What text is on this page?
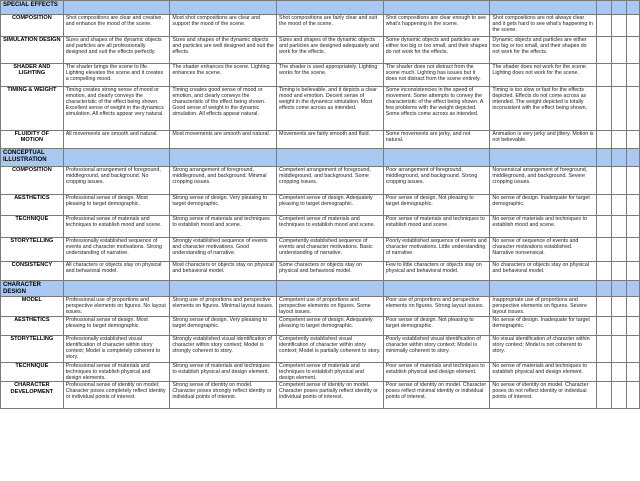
SPECIAL EFFECTS								
COMPOSITION	Shot compositions are clear and creative, and enhance the mood of the scene.	Most shot compositions are clear and support the mood of the scene.	Shot compositions are fairly clear and suit the mood of the scene.	Shot compositions are clear enough to see what's happening in the scene.	Shot compositions are not always clear and it gets hard to see what's happening in the scene.			
SIMULATION DESIGN	Sizes and shapes of the dynamic objects and particles are all professionally designed and suit the effects perfectly.	Sizes and shapes of the dynamic objects and particles are well designed and suit the effects.	Sizes and shapes of the dynamic objects and particles are designed adequately and work for the effects.	Some dynamic objects and particles are either too big or too small, and their shapes do not work for the effects.	Dynamic objects and particles are either too big or too small, and their shapes do not work for the effects.			
SHADER AND LIGHTING	The shader brings the scene to life. Lighting elevates the scene and it creates a compelling mood.	The shader enhances the scene. Lighting enhances the scene.	The shader is used appropriately. Lighting works for the scene.	The shader does not distract from the scene much. Lighting has issues but it does not distract from the scene entirely.	The shader does not work for the scene. Lighting does not work for the scene.			
TIMING & WEIGHT	Timing creates strong sense of mood or emotion, and clearly conveys the characteristic of the effect being shown. Excellent sense of weight in the dynamics simulation. All effects appear very natural.	Timing creates good sense of mood or emotion, and clearly conveys the characteristic of the effect being shown. Good sense of weight in the dynamic simulation. All effects appear natural.	Timing is believable, and it depicts a clear mood and emotion. Decent sense of weight in the dynamics simulation. Most effects come across as intended.	Some inconsistencies in the speed of movement. Some attempts to convey the characteristic of the effect being shown. A few problems with the weight depicted. Some effects come across as intended.	Timing is too slow or fast for the effects depicted. Effects do not come across as intended. The weight depicted is totally inconsistent with the effect being shown.			
FLUIDITY OF MOTION	All movements are smooth and natural.	Most movements are smooth and natural.	Movements are fairly smooth and fluid.	Some movements are jerky, and not natural.	Animation is very jerky and jittery. Motion is not believable.			
CONCEPTUAL ILLUSTRATION								
COMPOSITION	Professional arrangement of foreground, middleground, and background. No cropping issues.	Strong arrangement of foreground, middleground, and background. Minimal cropping issues.	Competent arrangement of foreground, middleground, and background. Some cropping issues.	Poor arrangement of foreground, middleground, and background. Strong cropping issues.	Nonsensical arrangement of foreground, middleground, and background. Severe cropping issues.			
AESTHETICS	Professional sense of design. Most pleasing to target demographic.	Strong sense of design. Very pleasing to target demographic.	Competent sense of design. Adequately pleasing to target demographic.	Poor sense of design. Not pleasing to target demographic.	No sense of design. Inadequate for target demographic.			
TECHNIQUE	Professional sense of materials and techniques to establish mood and scene.	Strong sense of materials and techniques to establish mood and scene.	Competent sense of materials and techniques to establish mood and scene.	Poor sense of materials and techniques to establish mood and scene.	No sense of materials and techniques to establish mood and scene.			
STORYTELLING	Professionally established sequence of events and character motivations. Strong understanding of narrative.	Strongly established sequence of events and character motivations. Good understanding of narrative.	Competently established sequence of events and character motivations. Basic understanding of narrative.	Poorly established sequence of events and character motivations. Little understanding of narrative.	No sense of sequence of events and character motivations established. Narrative nonsensical.			
CONSISTENCY	All characters or objects stay on physical and behavioral model.	Most characters or objects stay on physical and behavioral model.	Some characters or objects stay on physical and behavioral model.	Few to little characters or objects stay on physical and behavioral model.	No characters or objects stay on physical and behavioral model.			
CHARACTER DESIGN								
MODEL	Professional use of proportions and perspective elements on figures. No layout issues.	Strong use of proportions and perspective elements on figures. Minimal layout issues.	Competent use of proportions and perspective elements on figures. Some layout issues.	Poor use of proportions and perspective elements on figures. Strong layout issues.	Inappropriate use of proportions and perspective elements on figures. Severe layout issues.			
AESTHETICS	Professional sense of design. Most pleasing to target demographic.	Strong sense of design. Very pleasing to target demographic.	Competent sense of design. Adequately pleasing to target demographic.	Poor sense of design. Not pleasing to target demographic.	No sense of design. Inadequate for target demographic.			
STORYTELLING	Professionally established visual identification of character within story context; Model is completely coherent to story.	Strongly established visual identification of character within story context; Model is strongly coherent to story.	Competently established visual identification of character within story context; Model is partially coherent to story.	Poorly established visual identification of character within story context; Model is minimally coherent to story.	No visual identification of character within story context; Model is not coherent to story.			
TECHNIQUE	Professional sense of materials and techniques to establish physical and design elements.	Strong sense of materials and techniques to establish physical and design element.	Competent sense of materials and techniques to establish physical and design element.	Poor sense of materials and techniques to establish physical and design element.	No sense of materials and techniques to establish physical and design element.			
CHARACTER DEVELOPMENT	Professional sense of identity on model; Character poses completely reflect identity or individual points of interest.	Strong sense of identity on model. Character poses strongly reflect identity or individual points of interest.	Competent sense of identity on model. Character poses partially reflect identity or individual points of interest.	Poor sense of identity on model. Character poses reflect minimal identity or individual points of interest.	No sense of identity on model. Character poses do not reflect identity or individual points of interest.			
